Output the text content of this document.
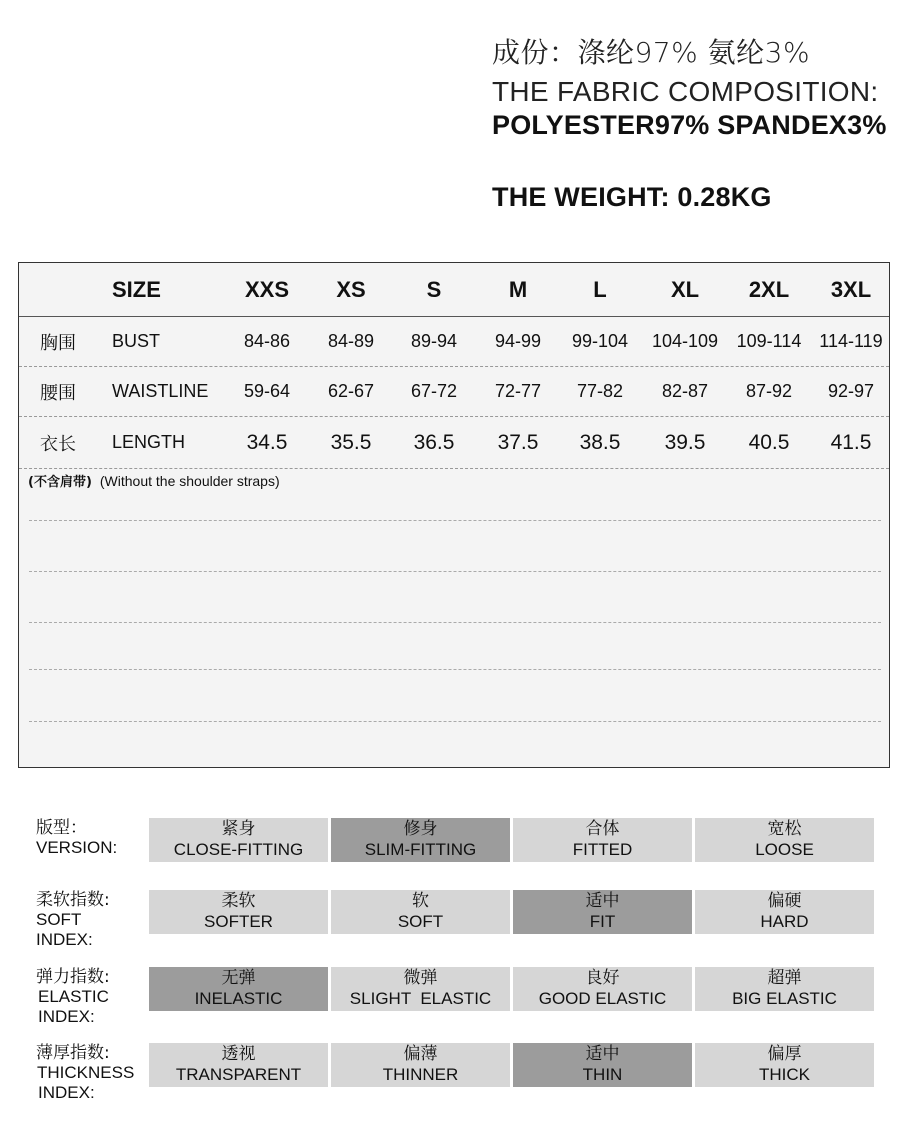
成份：涤纶97% 氨纶3%
THE FABRIC COMPOSITION:
POLYESTER97% SPANDEX3%
THE WEIGHT: 0.28KG
SIZE	XXS	XS	S	M	L	XL	2XL	3XL
胸围	BUST	84-86	84-89	89-94	94-99	99-104	104-109	109-114 114-119
腰围	WAISTLINE	59-64	62-67	67-72	72-77	77-82	82-87	87-92	92-97
衣长	LENGTH	34.5	35.5	36.5	37.5	38.5	39.5	40.5	41.5
(不含肩带) (Without the shoulder straps)
版型：
VERSION:
紧身
CLOSE-FITTING
修身
SLIM-FITTING
合体
FITTED
宽松
LOOSE
柔软指数:
SOFT
INDEX:
柔软
SOFTER
软
SOFT
适中
FIT
偏硬
HARD
弹力指数:
ELASTIC
INDEX:
无弹
INELASTIC
微弹
SLIGHT  ELASTIC
良好
GOOD ELASTIC
超弹
BIG ELASTIC
薄厚指数:
THICKNESS
INDEX:
透视
TRANSPARENT
偏薄
THINNER
适中
THIN
偏厚
THICK
